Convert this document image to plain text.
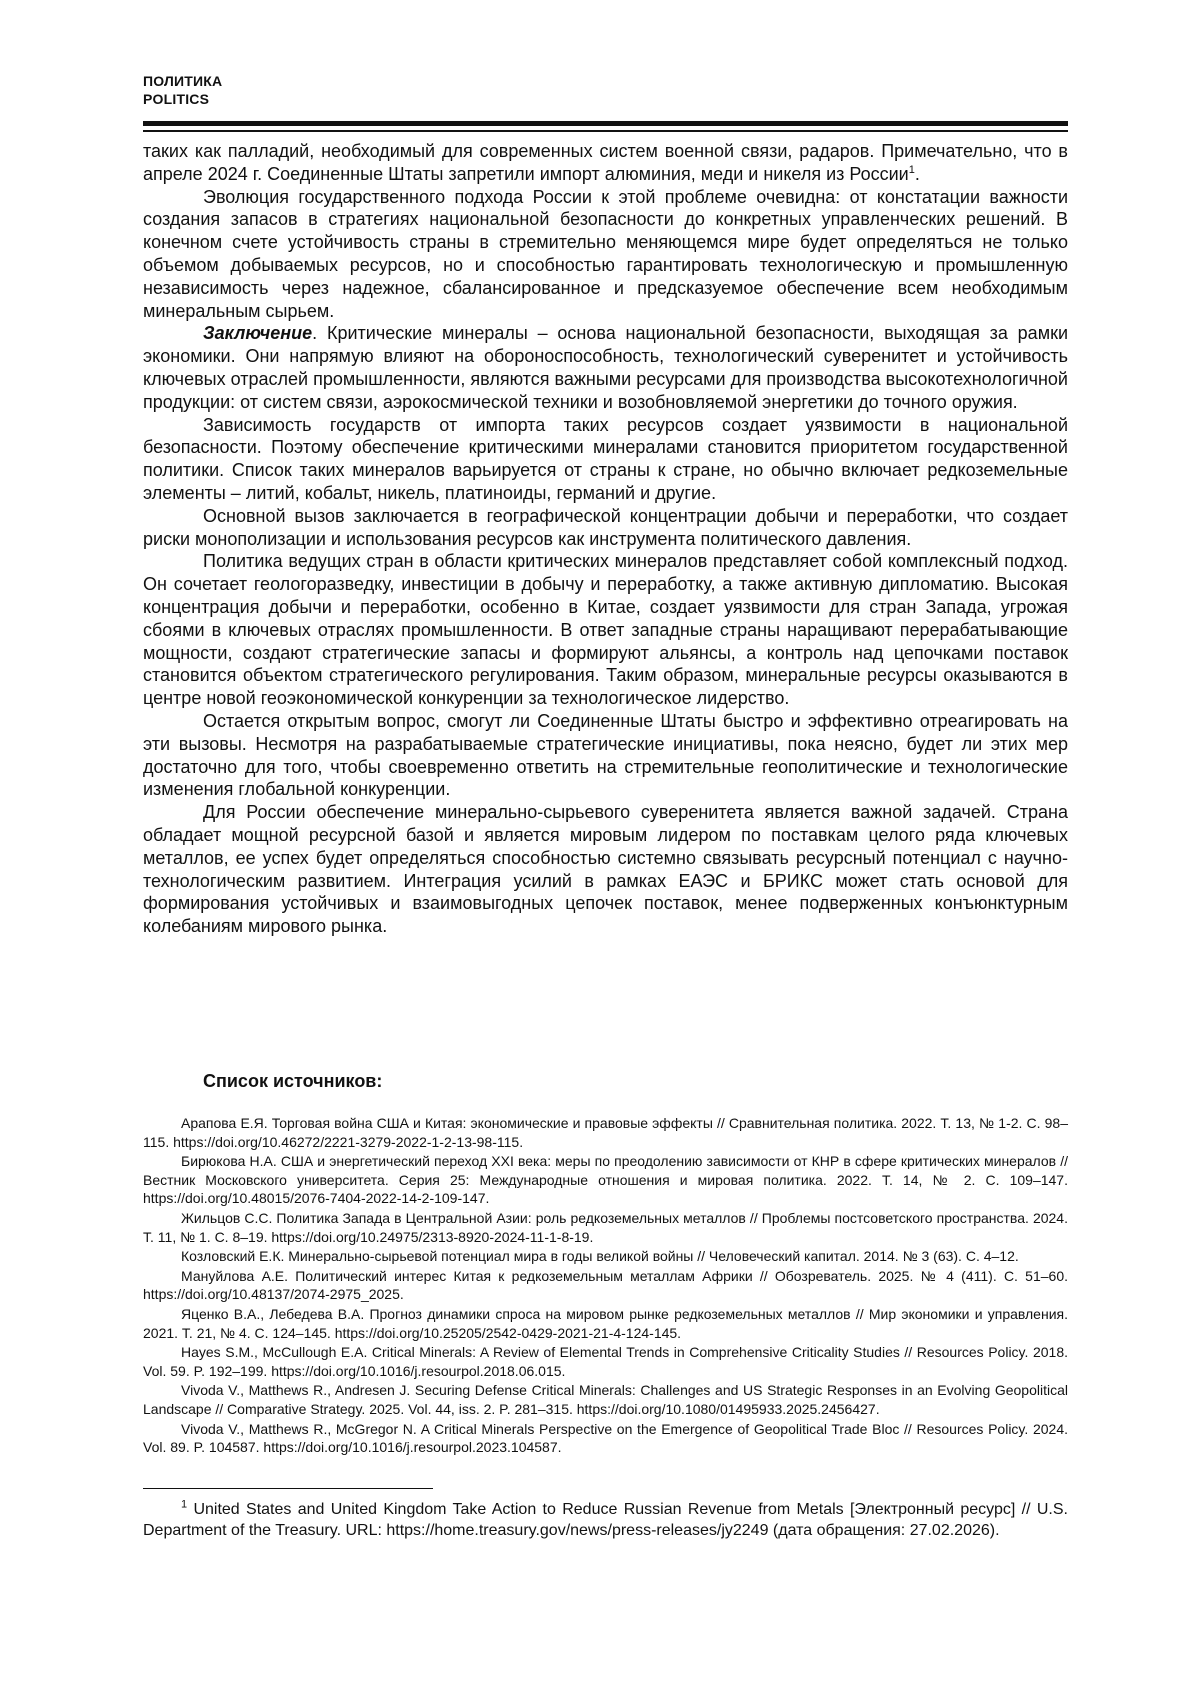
ПОЛИТИКА
POLITICS

таких как палладий, необходимый для современных систем военной связи, радаров. Примечательно, что в апреле 2024 г. Соединенные Штаты запретили импорт алюминия, меди и никеля из России$^1$.

Эволюция государственного подхода России к этой проблеме очевидна: от констатации важности создания запасов в стратегиях национальной безопасности до конкретных управленческих решений. В конечном счете устойчивость страны в стремительно меняющемся мире будет определяться не только объемом добываемых ресурсов, но и способностью гарантировать технологическую и промышленную независимость через надежное, сбалансированное и предсказуемое обеспечение всем необходимым минеральным сырьем.

Заключение. Критические минералы – основа национальной безопасности, выходящая за рамки экономики. Они напрямую влияют на обороноспособность, технологический суверенитет и устойчивость ключевых отраслей промышленности, являются важными ресурсами для производства высокотехнологичной продукции: от систем связи, аэрокосмической техники и возобновляемой энергетики до точного оружия.

Зависимость государств от импорта таких ресурсов создает уязвимости в национальной безопасности. Поэтому обеспечение критическими минералами становится приоритетом государственной политики. Список таких минералов варьируется от страны к стране, но обычно включает редкоземельные элементы – литий, кобальт, никель, платиноиды, германий и другие.

Основной вызов заключается в географической концентрации добычи и переработки, что создает риски монополизации и использования ресурсов как инструмента политического давления.

Политика ведущих стран в области критических минералов представляет собой комплексный подход. Он сочетает геологоразведку, инвестиции в добычу и переработку, а также активную дипломатию. Высокая концентрация добычи и переработки, особенно в Китае, создает уязвимости для стран Запада, угрожая сбоями в ключевых отраслях промышленности. В ответ западные страны наращивают перерабатывающие мощности, создают стратегические запасы и формируют альянсы, а контроль над цепочками поставок становится объектом стратегического регулирования. Таким образом, минеральные ресурсы оказываются в центре новой геоэкономической конкуренции за технологическое лидерство.

Остается открытым вопрос, смогут ли Соединенные Штаты быстро и эффективно отреагировать на эти вызовы. Несмотря на разрабатываемые стратегические инициативы, пока неясно, будет ли этих мер достаточно для того, чтобы своевременно ответить на стремительные геополитические и технологические изменения глобальной конкуренции.

Для России обеспечение минерально-сырьевого суверенитета является важной задачей. Страна обладает мощной ресурсной базой и является мировым лидером по поставкам целого ряда ключевых металлов, ее успех будет определяться способностью системно связывать ресурсный потенциал с научно-технологическим развитием. Интеграция усилий в рамках ЕАЭС и БРИКС может стать основой для формирования устойчивых и взаимовыгодных цепочек поставок, менее подверженных конъюнктурным колебаниям мирового рынка.

Список источников:

Арапова Е.Я. Торговая война США и Китая: экономические и правовые эффекты // Сравнительная политика. 2022. Т. 13, № 1-2. С. 98–115. https://doi.org/10.46272/2221-3279-2022-1-2-13-98-115.

Бирюкова Н.А. США и энергетический переход XXI века: меры по преодолению зависимости от КНР в сфере критических минералов // Вестник Московского университета. Серия 25: Международные отношения и мировая политика. 2022. Т. 14, № 2. С. 109–147. https://doi.org/10.48015/2076-7404-2022-14-2-109-147.

Жильцов С.С. Политика Запада в Центральной Азии: роль редкоземельных металлов // Проблемы постсоветского пространства. 2024. Т. 11, № 1. С. 8–19. https://doi.org/10.24975/2313-8920-2024-11-1-8-19.

Козловский Е.К. Минерально-сырьевой потенциал мира в годы великой войны // Человеческий капитал. 2014. № 3 (63). С. 4–12.

Мануйлова А.Е. Политический интерес Китая к редкоземельным металлам Африки // Обозреватель. 2025. № 4 (411). С. 51–60. https://doi.org/10.48137/2074-2975_2025.

Яценко В.А., Лебедева В.А. Прогноз динамики спроса на мировом рынке редкоземельных металлов // Мир экономики и управления. 2021. Т. 21, № 4. С. 124–145. https://doi.org/10.25205/2542-0429-2021-21-4-124-145.

Hayes S.M., McCullough E.A. Critical Minerals: A Review of Elemental Trends in Comprehensive Criticality Studies // Resources Policy. 2018. Vol. 59. P. 192–199. https://doi.org/10.1016/j.resourpol.2018.06.015.

Vivoda V., Matthews R., Andresen J. Securing Defense Critical Minerals: Challenges and US Strategic Responses in an Evolving Geopolitical Landscape // Comparative Strategy. 2025. Vol. 44, iss. 2. P. 281–315. https://doi.org/10.1080/01495933.2025.2456427.

Vivoda V., Matthews R., McGregor N. A Critical Minerals Perspective on the Emergence of Geopolitical Trade Bloc // Resources Policy. 2024. Vol. 89. P. 104587. https://doi.org/10.1016/j.resourpol.2023.104587.

$^1$ United States and United Kingdom Take Action to Reduce Russian Revenue from Metals [Электронный ресурс] // U.S. Department of the Treasury. URL: https://home.treasury.gov/news/press-releases/jy2249 (дата обращения: 27.02.2026).
